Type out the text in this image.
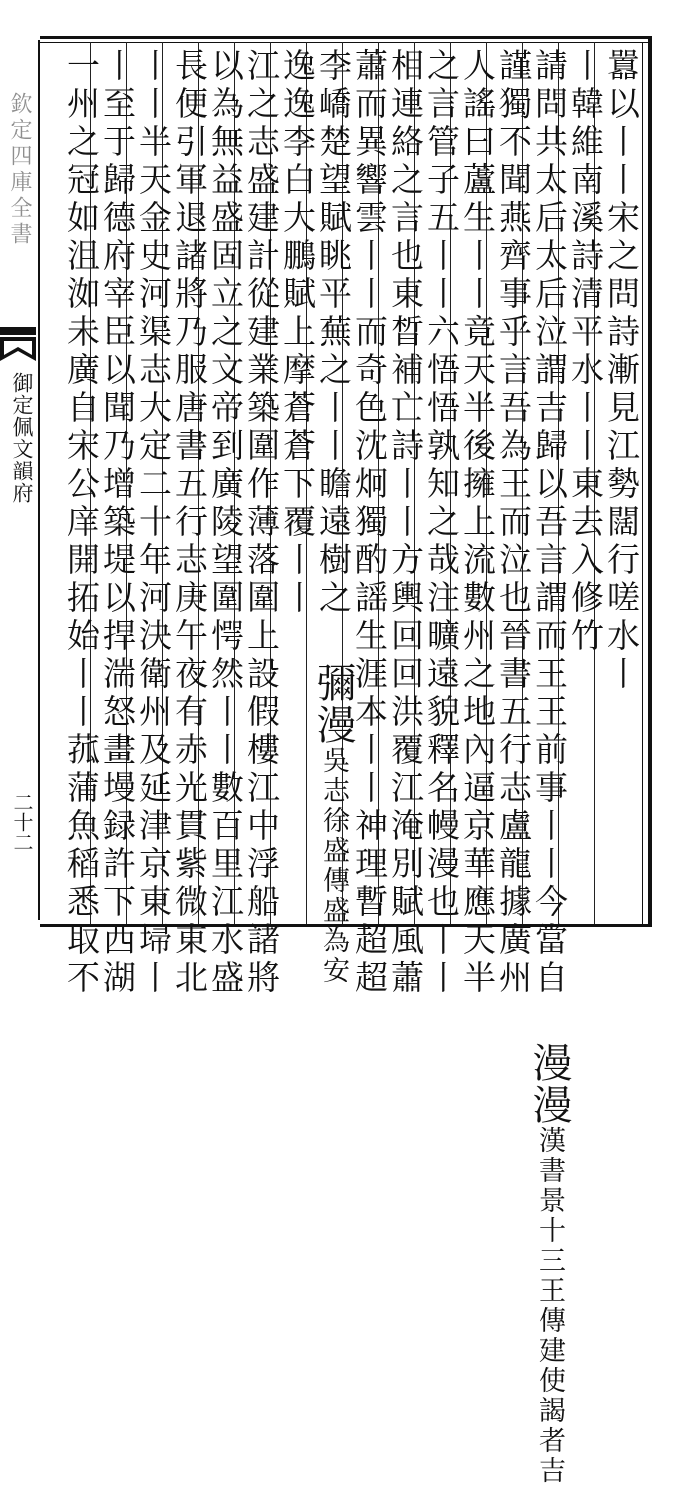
欽定四庫全書
御定佩文韻府
二十二
囂以丨丨宋之問詩漸見江勢闊行嗟水丨
丨韓維南溪詩清平水丨丨東去入修竹
請問共太后太后泣謂吉歸以吾言謂而王王前事丨丨今當自 漫漫漢書景十三王傳建使謁者吉
謹獨不聞燕齊事乎言吾為王而泣也晉書五行志盧龍據廣州
人謠曰蘆生丨丨竟天半後擁上流數州之地內逼京華應天半
之言管子五丨丨六悟悟孰知之哉注曠遠貌釋名幔漫也丨丨
相連絡之言也東晳補亡詩丨丨方輿回回洪覆江淹別賦風蕭
蕭而異響雲丨丨而奇色沈炯獨酌謡生涯本丨丨神理暫超超
李嶠楚望賦眺平蕪之丨丨瞻遠樹之 彌漫吳志徐盛傳盛為安
逸逸李白大鵬賦上摩蒼蒼下覆丨丨
江之志盛建計從建業築圍作薄落圍上設假樓江中浮船諸將
以為無益盛固立之文帝到廣陵望圍愕然丨丨數百里江水盛
長便引軍退諸將乃服唐書五行志庚午夜有赤光貫紫微東北
丨丨半天金史河渠志大定二十年河決衛州及延津京東埽丨
丨至于歸德府宰臣以聞乃增築堤以捍湍怒畫墁録許下西湖
一州之冠如沮洳未廣自宋公庠開拓始丨丨菰蒲魚稻悉取不
